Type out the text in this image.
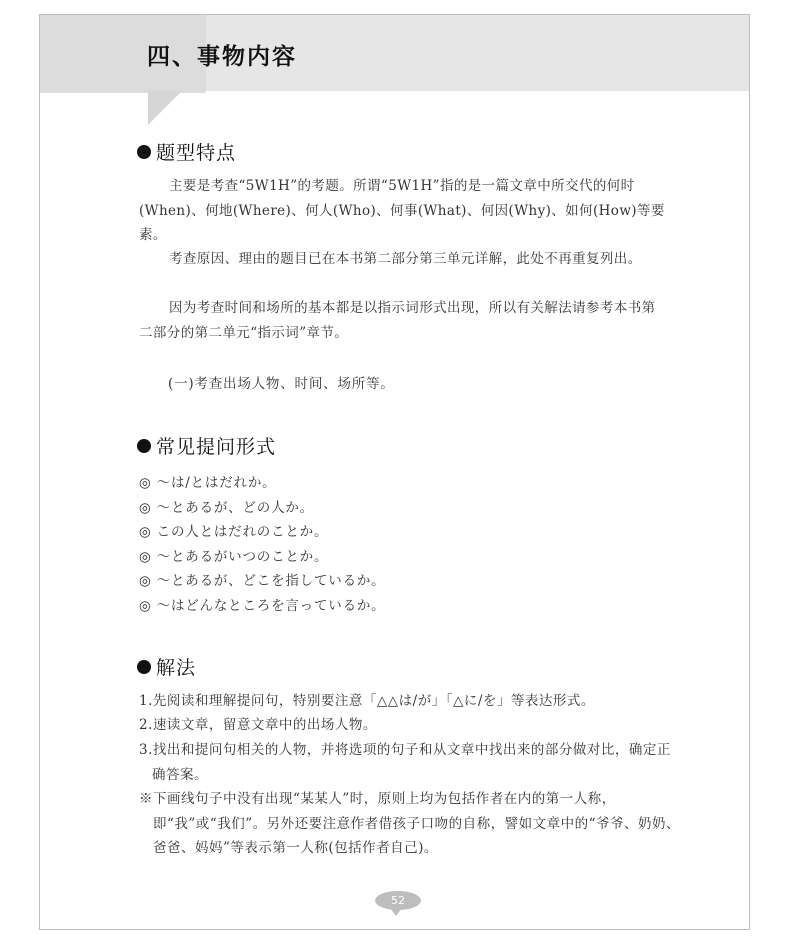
四、事物内容
题型特点

主要是考查“5W1H”的考题。所谓“5W1H”指的是一篇文章中所交代的何时(When)、何地(Where)、何人(Who)、何事(What)、何因(Why)、如何(How)等要素。

考查原因、理由的题目已在本书第二部分第三单元详解，此处不再重复列出。

因为考查时间和场所的基本都是以指示词形式出现，所以有关解法请参考本书第二部分的第二单元“指示词”章节。

(一)考查出场人物、时间、场所等。

常见提问形式

◎ ～は/とはだれか。

◎ ～とあるが、どの人か。

◎ この人とはだれのことか。

◎ ～とあるがいつのことか。

◎ ～とあるが、どこを指しているか。

◎ ～はどんなところを言っているか。

解法

1.先阅读和理解提问句，特别要注意「△△は/が」「△に/を」等表达形式。

2.速读文章，留意文章中的出场人物。

3.找出和提问句相关的人物，并将选项的句子和从文章中找出来的部分做对比，确定正确答案。

※下画线句子中没有出现“某某人”时，原则上均为包括作者在内的第一人称，即“我”或“我们”。另外还要注意作者借孩子口吻的自称，譬如文章中的“爷爷、奶奶、爸爸、妈妈”等表示第一人称(包括作者自己)。

52
